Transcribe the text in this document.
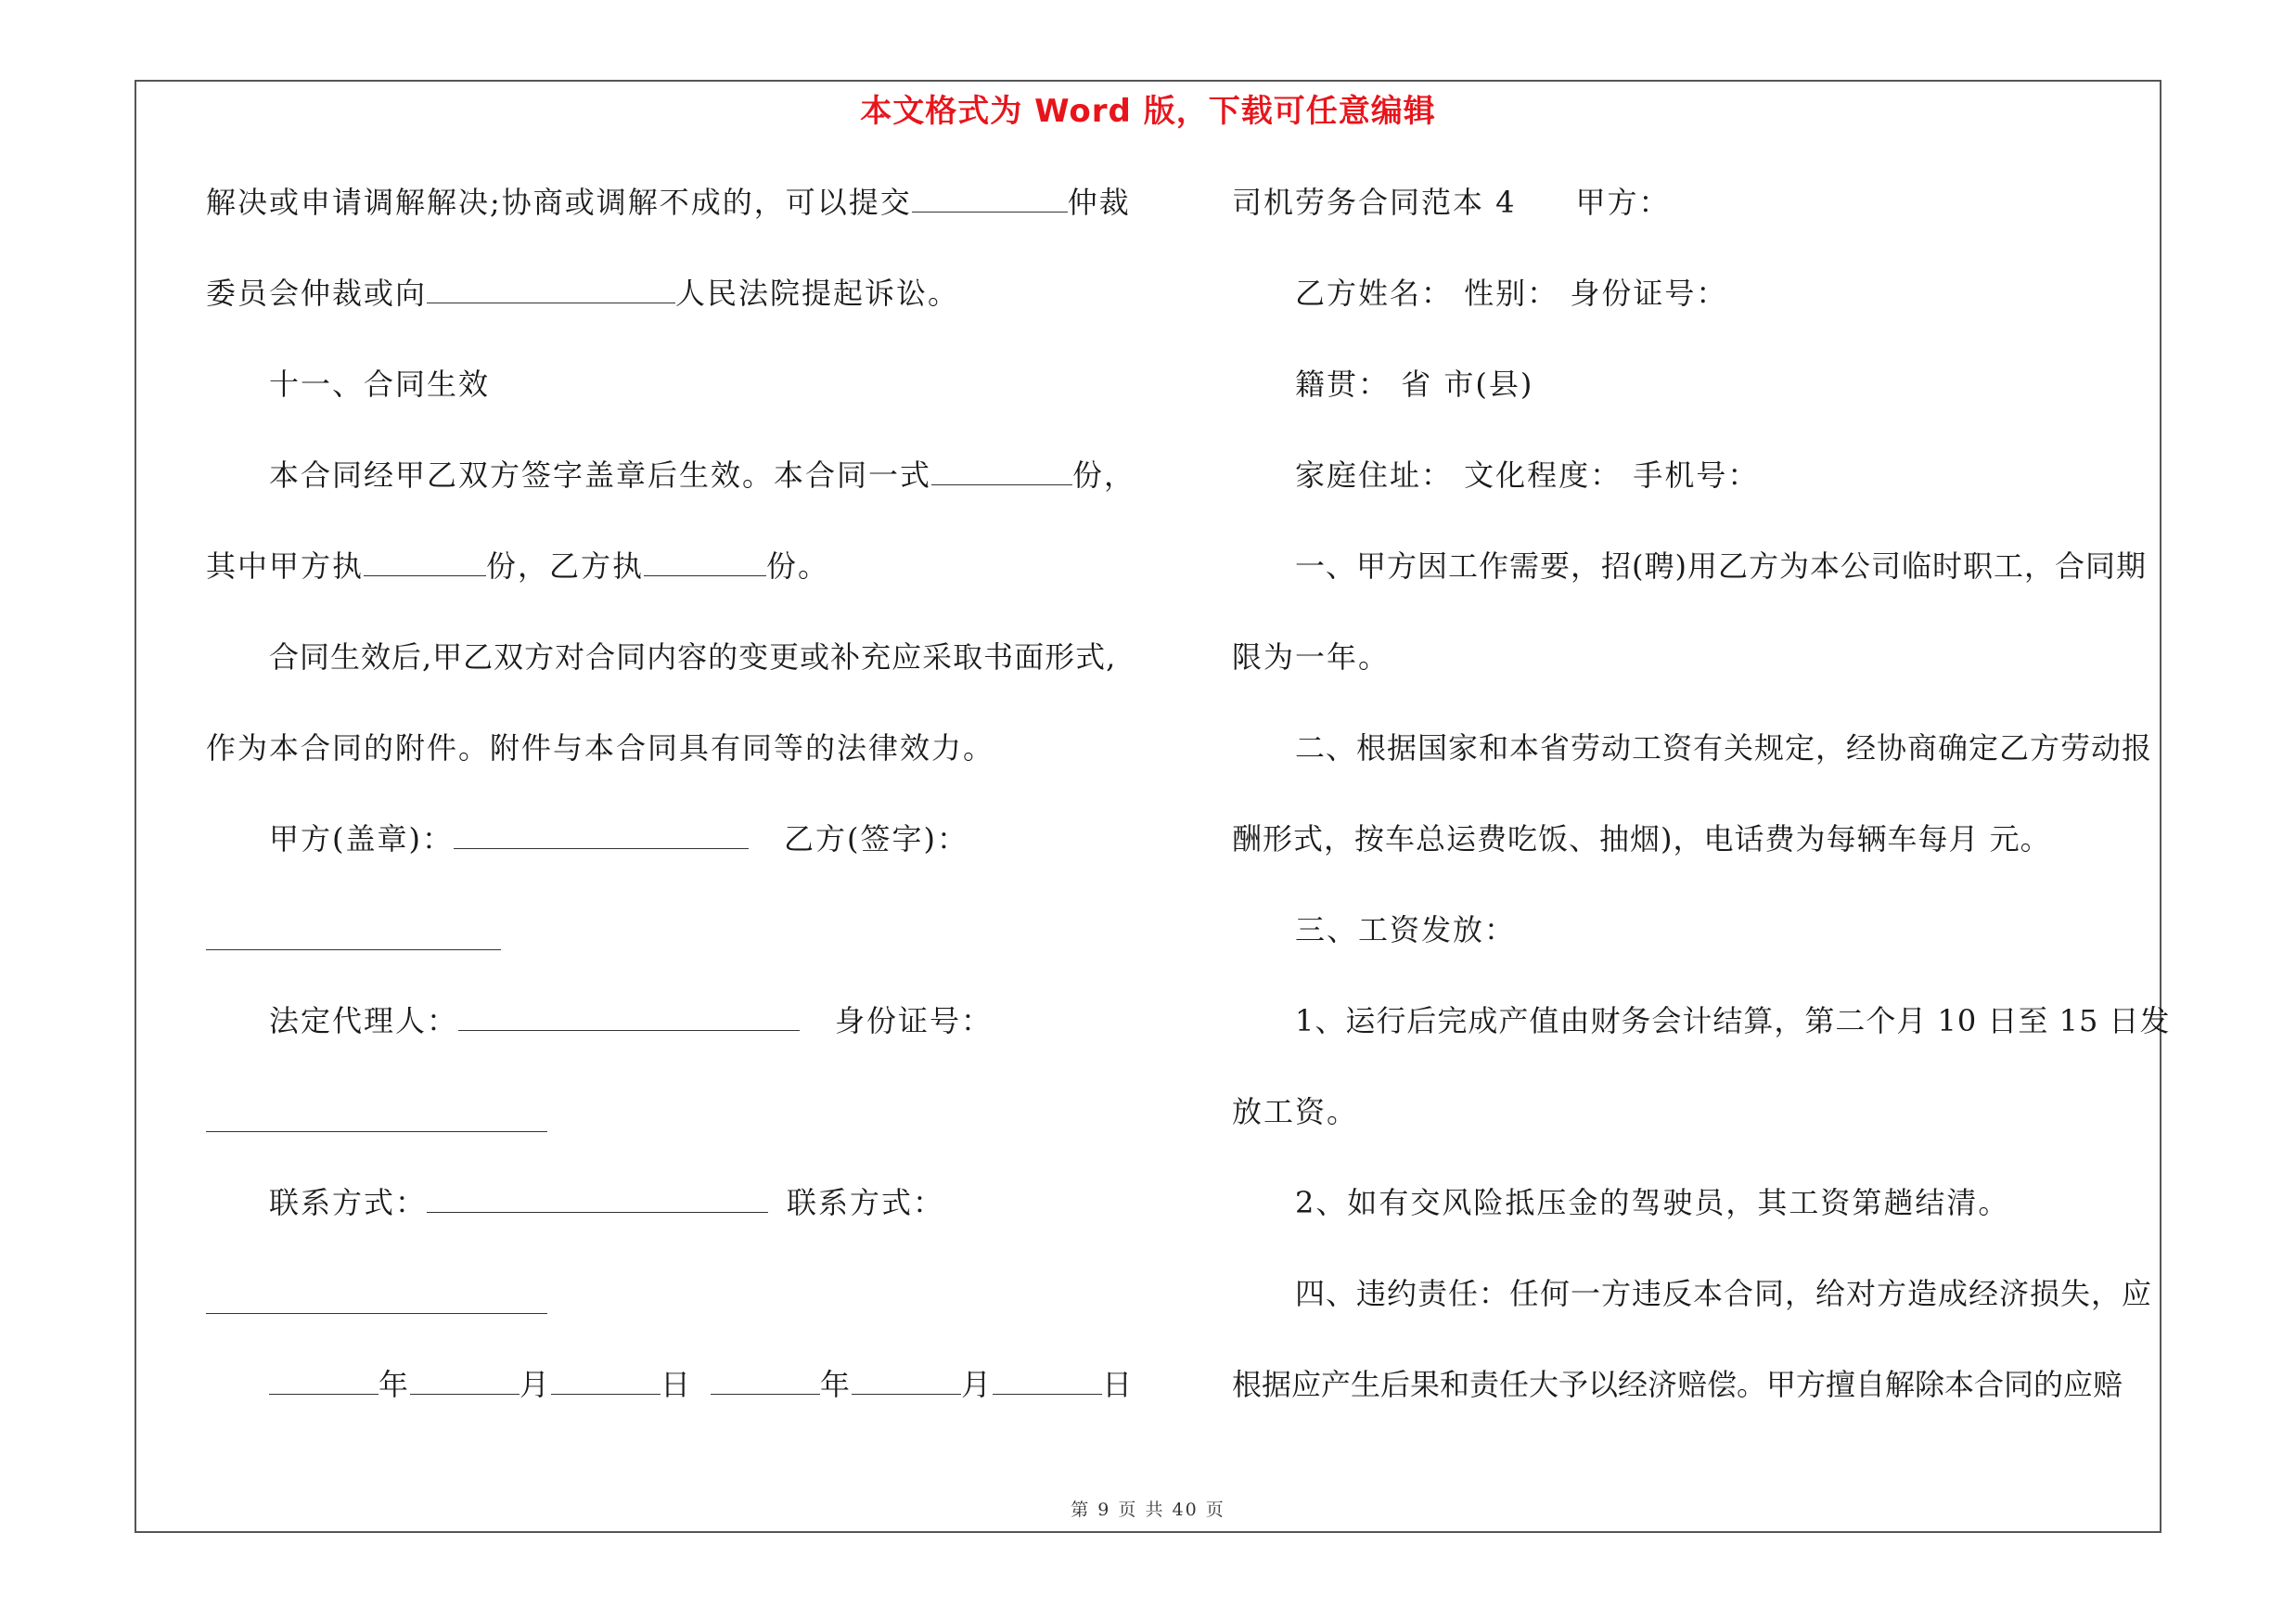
本文格式为 Word 版，下载可任意编辑
解决或申请调解解决;协商或调解不成的，可以提交	仲裁
委员会仲裁或向	人民法院提起诉讼。
十一、合同生效
本合同经甲乙双方签字盖章后生效。本合同一式	份，
其中甲方执	份，乙方执	份。
合同生效后,甲乙双方对合同内容的变更或补充应采取书面形式,
作为本合同的附件。附件与本合同具有同等的法律效力。
甲方(盖章)：	乙方(签字)：
法定代理人：	身份证号：
联系方式：	联系方式：
年	月	日	年	月	日
司机劳务合同范本 4 甲方：
乙方姓名： 性别： 身份证号：
籍贯： 省 市(县)
家庭住址： 文化程度： 手机号：
一、甲方因工作需要，招(聘)用乙方为本公司临时职工，合同期
限为一年。
二、根据国家和本省劳动工资有关规定，经协商确定乙方劳动报
酬形式，按车总运费吃饭、抽烟)，电话费为每辆车每月 元。
三、工资发放：
1、运行后完成产值由财务会计结算，第二个月 10 日至 15 日发
放工资。
2、如有交风险抵压金的驾驶员，其工资第趟结清。
四、违约责任：任何一方违反本合同，给对方造成经济损失，应
根据应产生后果和责任大予以经济赔偿。甲方擅自解除本合同的应赔
第 9 页 共 40 页
